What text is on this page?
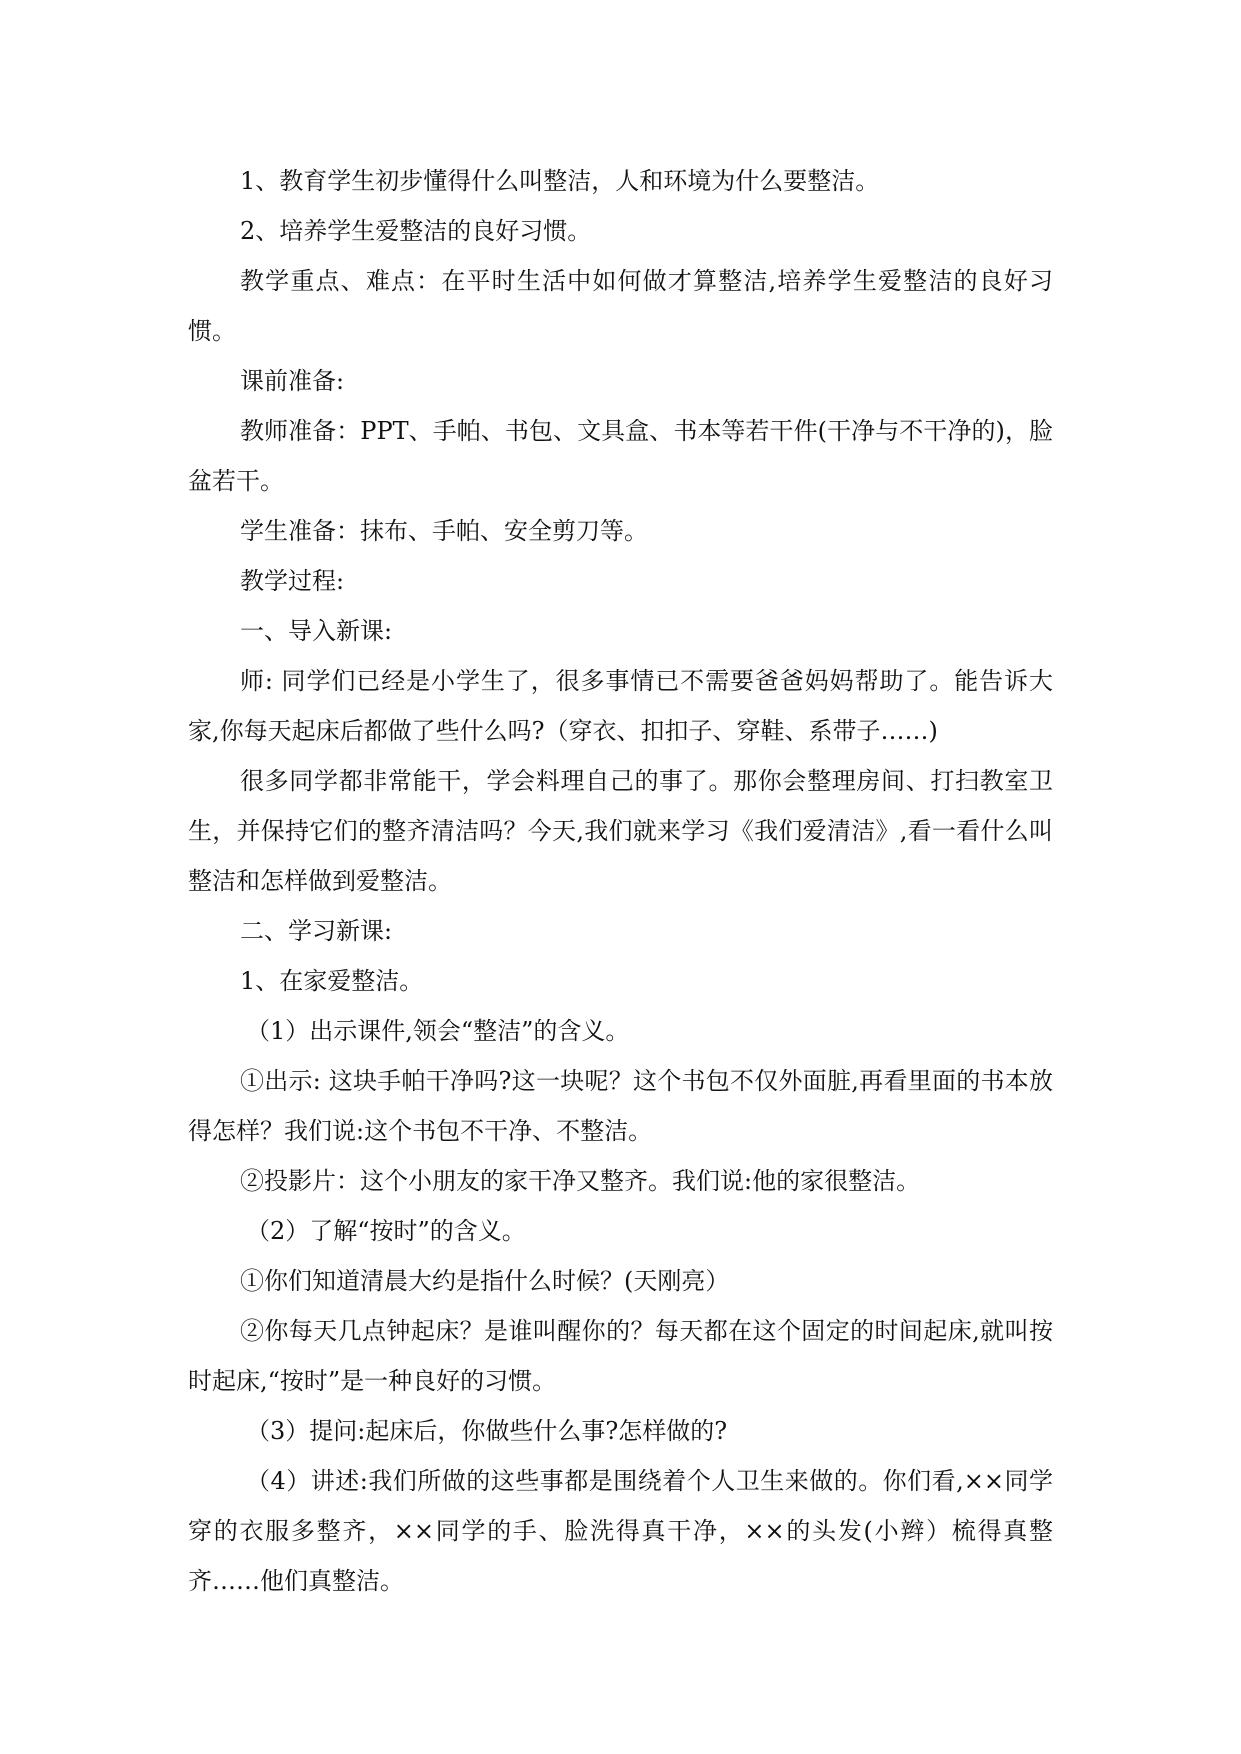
1、教育学生初步懂得什么叫整洁，人和环境为什么要整洁。

2、培养学生爱整洁的良好习惯。

教学重点、难点：在平时生活中如何做才算整洁,培养学生爱整洁的良好习惯。

课前准备:

教师准备：PPT、手帕、书包、文具盒、书本等若干件(干净与不干净的)，脸盆若干。

学生准备：抹布、手帕、安全剪刀等。

教学过程:

一、导入新课:

师: 同学们已经是小学生了，很多事情已不需要爸爸妈妈帮助了。能告诉大家,你每天起床后都做了些什么吗?（穿衣、扣扣子、穿鞋、系带子……)

很多同学都非常能干，学会料理自己的事了。那你会整理房间、打扫教室卫生，并保持它们的整齐清洁吗？今天,我们就来学习《我们爱清洁》,看一看什么叫整洁和怎样做到爱整洁。

二、学习新课:

1、在家爱整洁。

（1）出示课件,领会“整洁”的含义。

①出示: 这块手帕干净吗?这一块呢？这个书包不仅外面脏,再看里面的书本放得怎样？我们说:这个书包不干净、不整洁。

②投影片：这个小朋友的家干净又整齐。我们说:他的家很整洁。

（2）了解“按时”的含义。

①你们知道清晨大约是指什么时候？(天刚亮）

②你每天几点钟起床？是谁叫醒你的？每天都在这个固定的时间起床,就叫按时起床,“按时”是一种良好的习惯。

（3）提问:起床后，你做些什么事?怎样做的?

（4）讲述:我们所做的这些事都是围绕着个人卫生来做的。你们看,××同学穿的衣服多整齐，××同学的手、脸洗得真干净，××的头发(小辫）梳得真整齐……他们真整洁。
